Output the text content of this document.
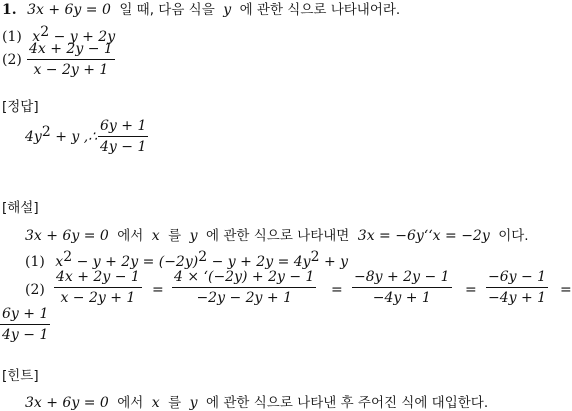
1. 3x + 6y = 0 일 때, 다음 식을 y 에 관한 식으로 나타내어라.
(1) $x^2 - y + 2y$
$(2) \frac{4x + 2y - 1}{x - 2y + 1}$
[정답]
$4y^2 + y$ ,∴ $\frac{6y + 1}{4y - 1}$
[해설]
3x + 6y = 0 에서 x 를 y 에 관한 식으로 나타내면 3x = −6y‘‘x = −2y 이다.
(1) $x^2 - y + 2y = (-2y)^2 - y + 2y = 4y^2 + y$
$(2) \frac{4x + 2y - 1}{x - 2y + 1} = \frac{4 \times ‘(-2y) + 2y - 1}{-2y - 2y + 1} = \frac{-8y + 2y - 1}{-4y + 1} = \frac{-6y - 1}{-4y + 1}$ =
$\frac{6y + 1}{4y - 1}$
[힌트]
3x + 6y = 0 에서 x 를 y 에 관한 식으로 나타낸 후 주어진 식에 대입한다.
